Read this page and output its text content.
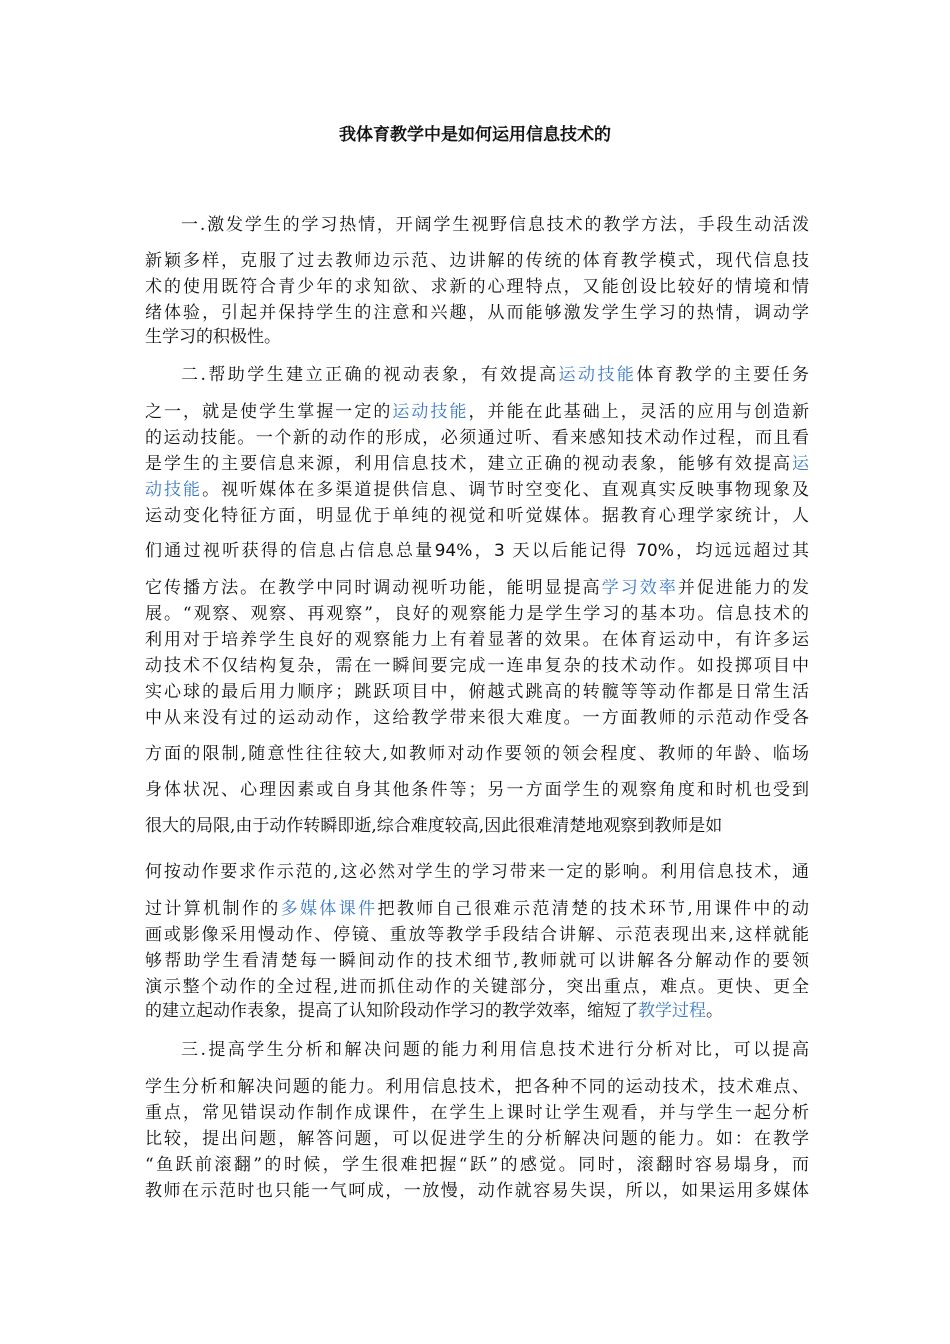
我体育教学中是如何运用信息技术的
一.激发学生的学习热情，开阔学生视野信息技术的教学方法，手段生动活泼
新颖多样，克服了过去教师边示范、边讲解的传统的体育教学模式，现代信息技
术的使用既符合青少年的求知欲、求新的心理特点，又能创设比较好的情境和情
绪体验，引起并保持学生的注意和兴趣，从而能够激发学生学习的热情，调动学
生学习的积极性。
二.帮助学生建立正确的视动表象，有效提高运动技能体育教学的主要任务
之一，就是使学生掌握一定的运动技能，并能在此基础上，灵活的应用与创造新
的运动技能。一个新的动作的形成，必须通过听、看来感知技术动作过程，而且看
是学生的主要信息来源，利用信息技术，建立正确的视动表象，能够有效提高运
动技能。视听媒体在多渠道提供信息、调节时空变化、直观真实反映事物现象及
运动变化特征方面，明显优于单纯的视觉和听觉媒体。据教育心理学家统计，人
们通过视听获得的信息占信息总量94%，3 天以后能记得 70%，均远远超过其
它传播方法。在教学中同时调动视听功能，能明显提高学习效率并促进能力的发
展。“观察、观察、再观察”，良好的观察能力是学生学习的基本功。信息技术的
利用对于培养学生良好的观察能力上有着显著的效果。在体育运动中，有许多运
动技术不仅结构复杂，需在一瞬间要完成一连串复杂的技术动作。如投掷项目中
实心球的最后用力顺序；跳跃项目中，俯越式跳高的转髋等等动作都是日常生活
中从来没有过的运动动作，这给教学带来很大难度。一方面教师的示范动作受各
方面的限制,随意性往往较大,如教师对动作要领的领会程度、教师的年龄、临场
身体状况、心理因素或自身其他条件等；另一方面学生的观察角度和时机也受到
很大的局限,由于动作转瞬即逝,综合难度较高,因此很难清楚地观察到教师是如
何按动作要求作示范的,这必然对学生的学习带来一定的影响。利用信息技术，通
过计算机制作的多媒体课件把教师自己很难示范清楚的技术环节,用课件中的动
画或影像采用慢动作、停镜、重放等教学手段结合讲解、示范表现出来,这样就能
够帮助学生看清楚每一瞬间动作的技术细节,教师就可以讲解各分解动作的要领
演示整个动作的全过程,进而抓住动作的关键部分，突出重点，难点。更快、更全
的建立起动作表象，提高了认知阶段动作学习的教学效率，缩短了教学过程。
三.提高学生分析和解决问题的能力利用信息技术进行分析对比，可以提高
学生分析和解决问题的能力。利用信息技术，把各种不同的运动技术，技术难点、
重点，常见错误动作制作成课件，在学生上课时让学生观看，并与学生一起分析
比较，提出问题，解答问题，可以促进学生的分析解决问题的能力。如：在教学
“鱼跃前滚翻”的时候，学生很难把握“跃”的感觉。同时，滚翻时容易塌身，而
教师在示范时也只能一气呵成，一放慢，动作就容易失误，所以，如果运用多媒体
